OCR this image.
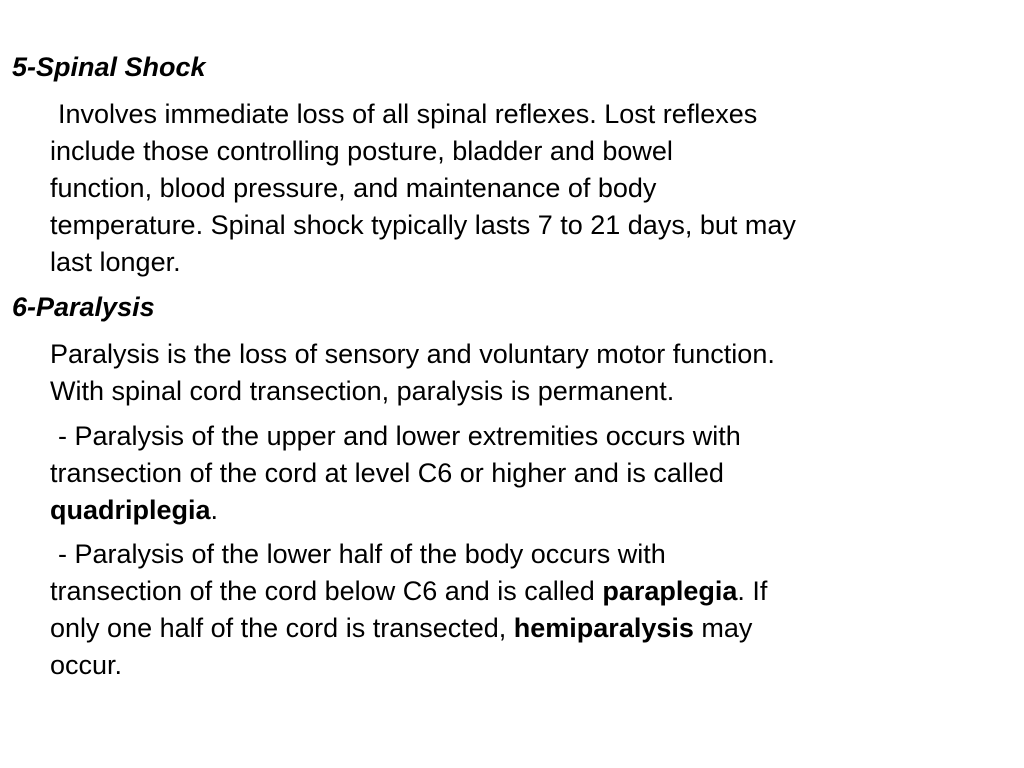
5-Spinal Shock

Involves immediate loss of all spinal reflexes. Lost reflexes
include those controlling posture, bladder and bowel
function, blood pressure, and maintenance of body
temperature. Spinal shock typically lasts 7 to 21 days, but may
last longer.

6-Paralysis

Paralysis is the loss of sensory and voluntary motor function.
With spinal cord transection, paralysis is permanent.

- Paralysis of the upper and lower extremities occurs with
transection of the cord at level C6 or higher and is called
quadriplegia.

- Paralysis of the lower half of the body occurs with
transection of the cord below C6 and is called paraplegia. If
only one half of the cord is transected, hemiparalysis may
occur.
